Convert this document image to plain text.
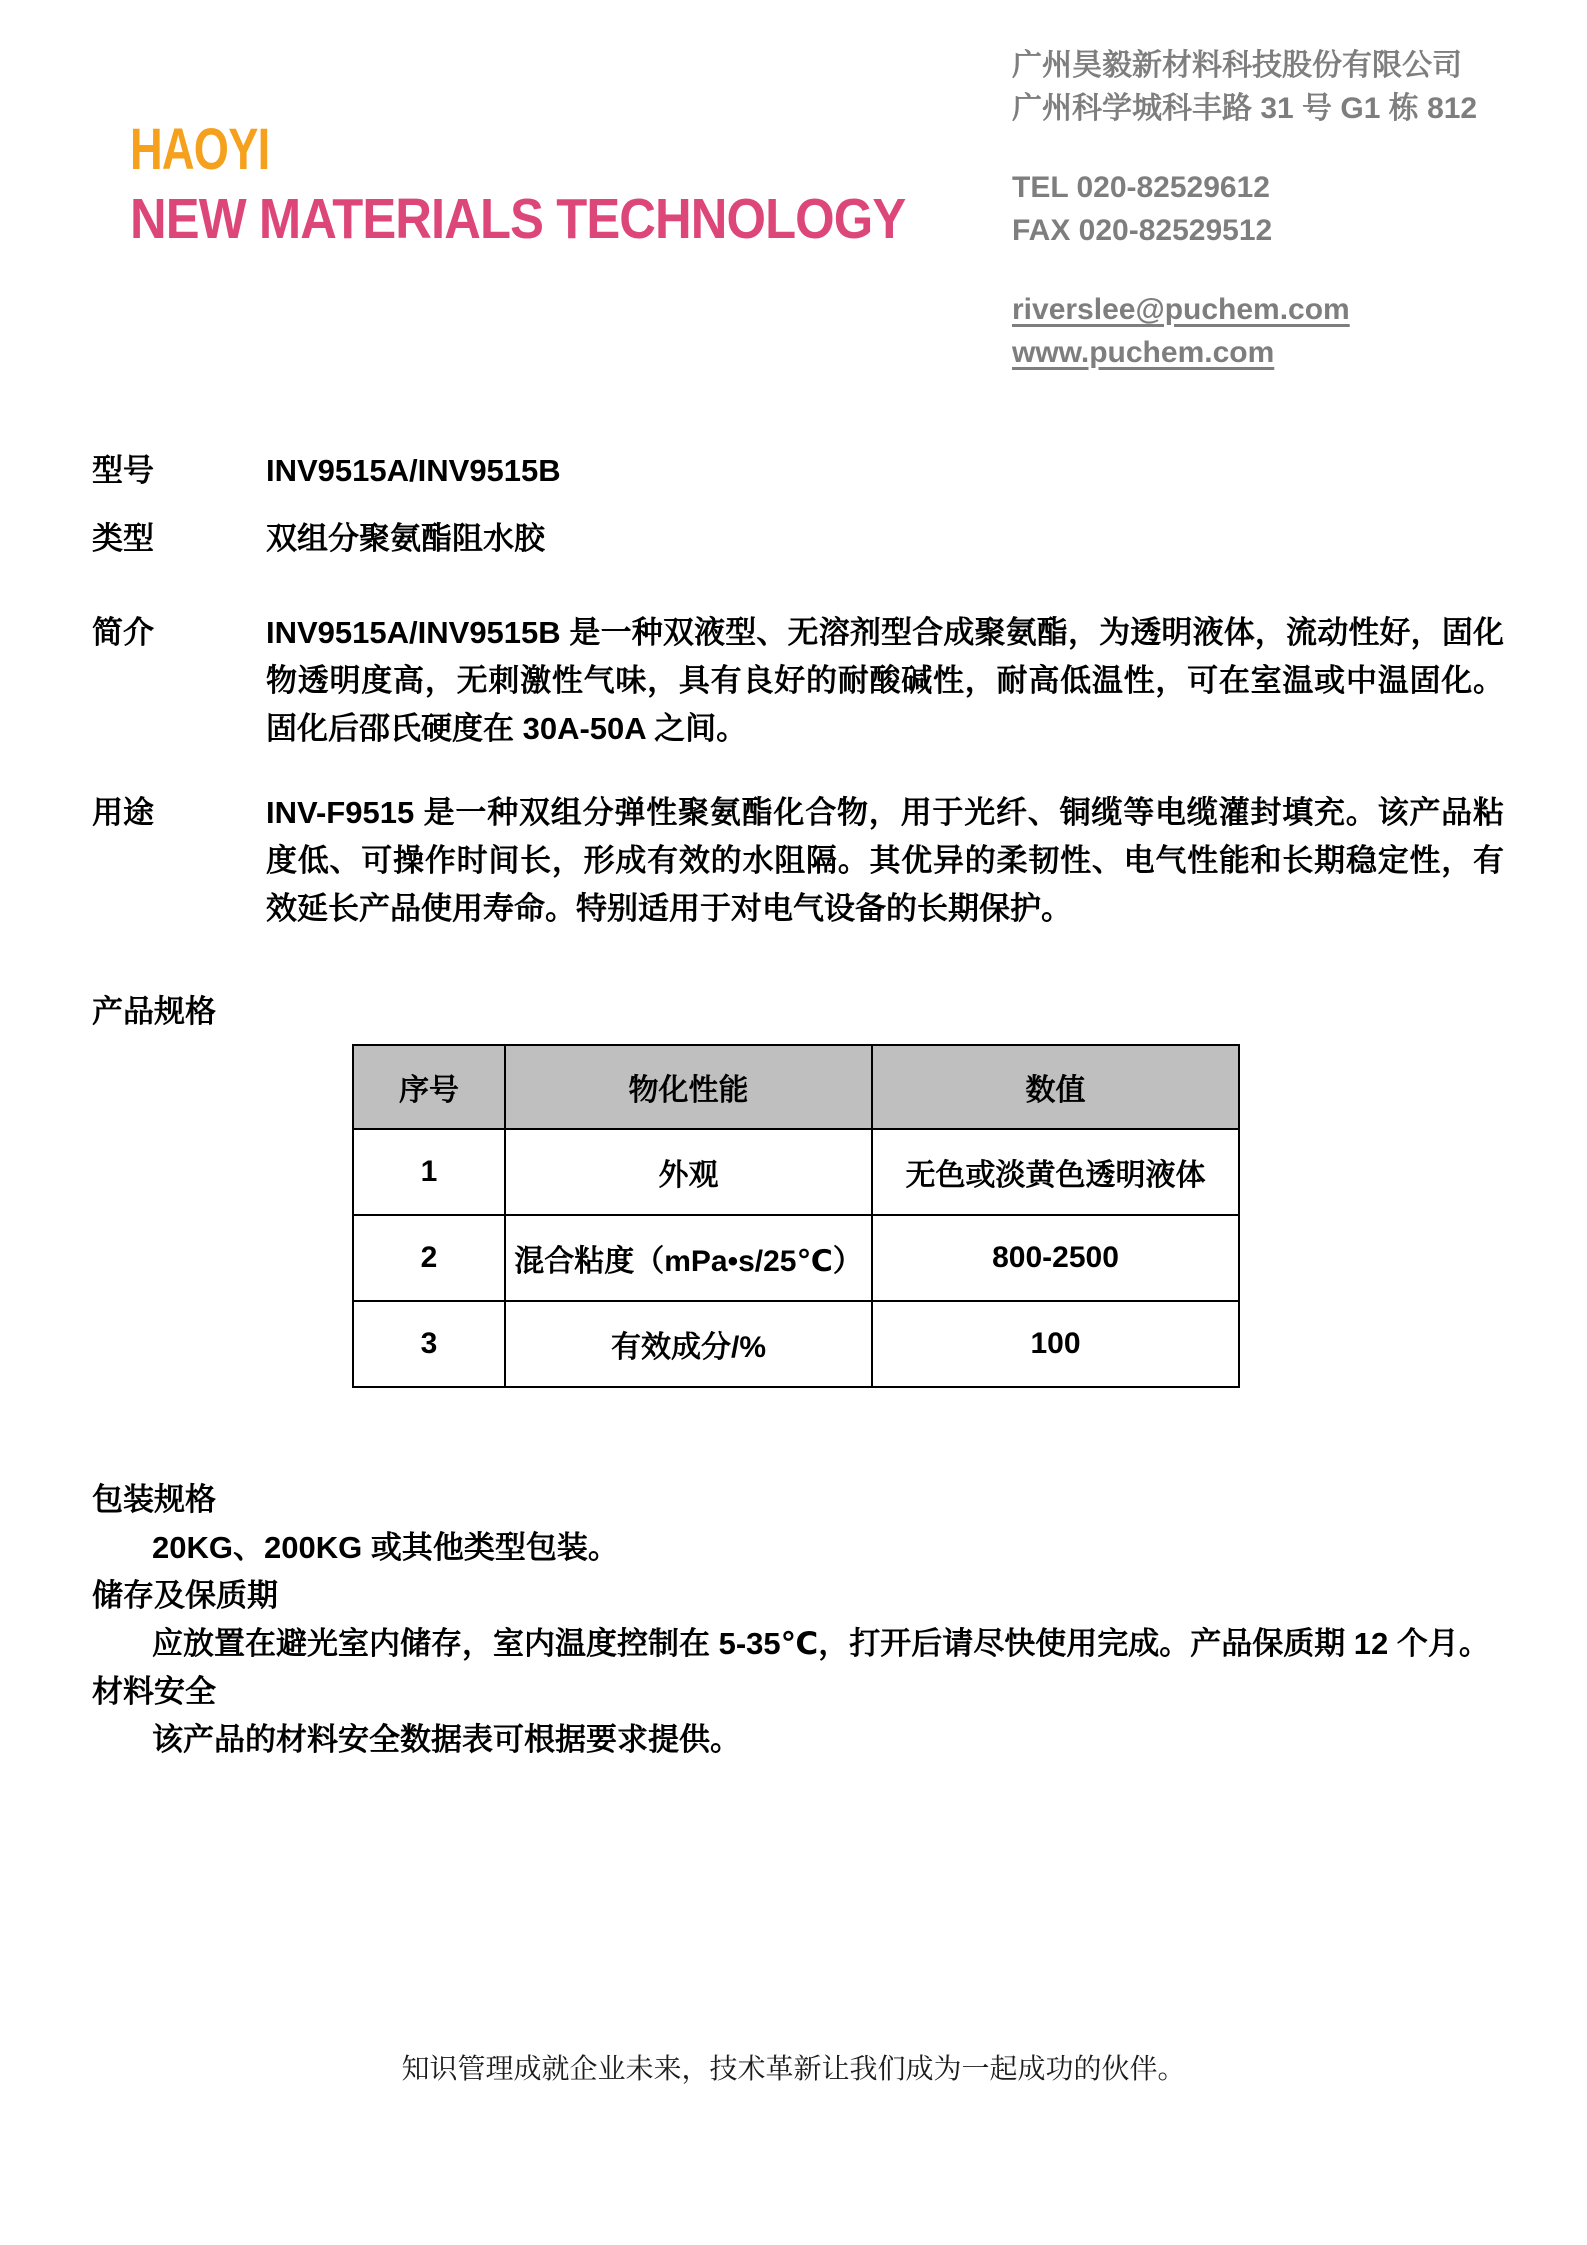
HAOYI
NEW MATERIALS TECHNOLOGY
广州昊毅新材料科技股份有限公司
广州科学城科丰路 31 号 G1 栋 812
TEL 020-82529612
FAX 020-82529512
riverslee@puchem.com
www.puchem.com
型号	INV9515A/INV9515B
类型	双组分聚氨酯阻水胶
简介	INV9515A/INV9515B 是一种双液型、无溶剂型合成聚氨酯，为透明液体，流动性好，固化物透明度高，无刺激性气味，具有良好的耐酸碱性，耐高低温性，可在室温或中温固化。固化后邵氏硬度在 30A-50A 之间。
用途	INV-F9515 是一种双组分弹性聚氨酯化合物，用于光纤、铜缆等电缆灌封填充。该产品粘度低、可操作时间长，形成有效的水阻隔。其优异的柔韧性、电气性能和长期稳定性，有效延长产品使用寿命。特别适用于对电气设备的长期保护。
产品规格
序号	物化性能	数值
1	外观	无色或淡黄色透明液体
2	混合粘度（mPa•s/25℃）	800-2500
3	有效成分/%	100
包装规格
20KG、200KG 或其他类型包装。
储存及保质期
应放置在避光室内储存，室内温度控制在 5-35℃，打开后请尽快使用完成。产品保质期 12 个月。
材料安全
该产品的材料安全数据表可根据要求提供。
知识管理成就企业未来，技术革新让我们成为一起成功的伙伴。
